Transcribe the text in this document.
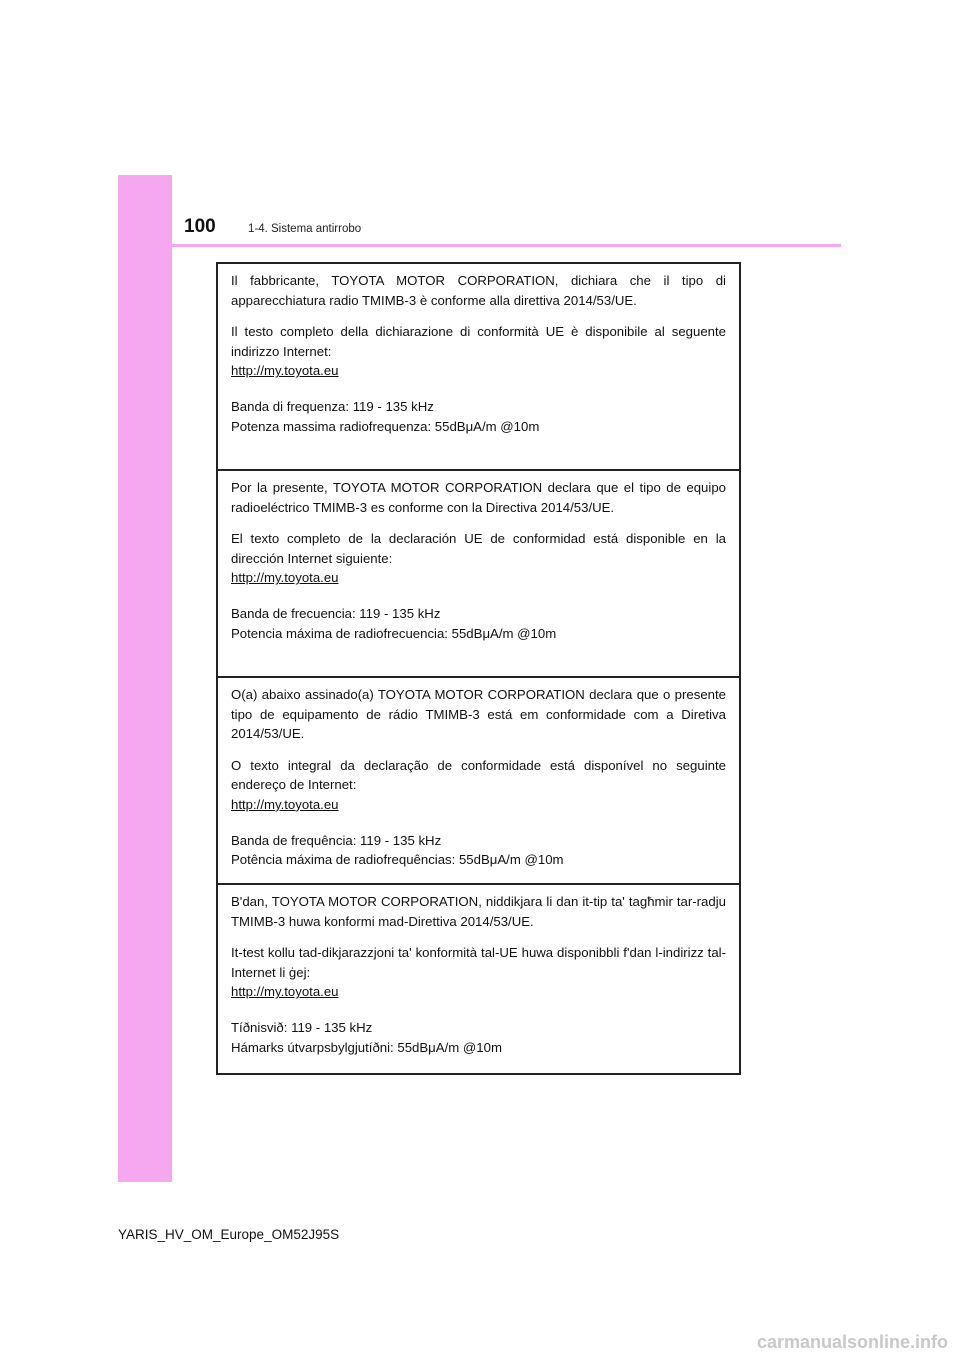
100	1-4. Sistema antirrobo

Il fabbricante, TOYOTA MOTOR CORPORATION, dichiara che il tipo di apparecchiatura radio TMIMB-3 è conforme alla direttiva 2014/53/UE.

Il testo completo della dichiarazione di conformità UE è disponibile al seguente indirizzo Internet:

http://my.toyota.eu

Banda di frequenza: 119 - 135 kHz

Potenza massima radiofrequenza: 55dBμA/m @10m

Por la presente, TOYOTA MOTOR CORPORATION declara que el tipo de equipo radioeléctrico TMIMB-3 es conforme con la Directiva 2014/53/UE.

El texto completo de la declaración UE de conformidad está disponible en la dirección Internet siguiente:

http://my.toyota.eu

Banda de frecuencia: 119 - 135 kHz

Potencia máxima de radiofrecuencia: 55dBμA/m @10m

O(a) abaixo assinado(a) TOYOTA MOTOR CORPORATION declara que o presente tipo de equipamento de rádio TMIMB-3 está em conformidade com a Diretiva 2014/53/UE.

O texto integral da declaração de conformidade está disponível no seguinte endereço de Internet:

http://my.toyota.eu

Banda de frequência: 119 - 135 kHz

Potência máxima de radiofrequências: 55dBμA/m @10m

B'dan, TOYOTA MOTOR CORPORATION, niddikjara li dan it-tip ta' tagħmir tar-radju TMIMB-3 huwa konformi mad-Direttiva 2014/53/UE.

It-test kollu tad-dikjarazzjoni ta' konformità tal-UE huwa disponibbli f'dan l-indirizz tal-Internet li ġej:

http://my.toyota.eu

Tíðnisvið: 119 - 135 kHz

Hámarks útvarpsbylgjutíðni: 55dBμA/m @10m

YARIS_HV_OM_Europe_OM52J95S
carmanualsonline.info
